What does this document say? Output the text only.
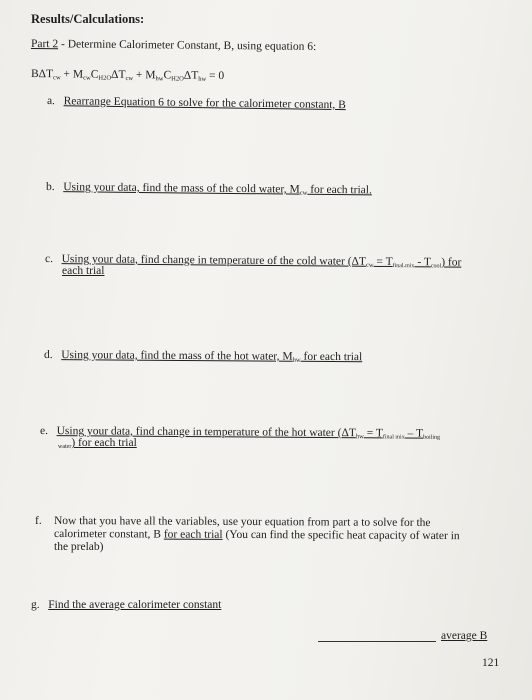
Results/Calculations:
Part 2 - Determine Calorimeter Constant, B, using equation 6:
$B\Delta T_{cw} + M_{cw}C_{H2O}\Delta T_{cw} + M_{hw}C_{H2O}\Delta T_{hw} = 0$
a. Rearrange Equation 6 to solve for the calorimeter constant, B
b. Using your data, find the mass of the cold water, $M_{cw}$ for each trial.
c. Using your data, find change in temperature of the cold water $(\Delta T_{cw} = T_{final mix} - T_{cool})$ for
each trial
d. Using your data, find the mass of the hot water, $M_{hw}$ for each trial
e. Using your data, find change in temperature of the hot water ($\Delta T_{hw} = T_{final mix} - T_{boiling}$
$_{water}$) for each trial
f. Now that you have all the variables, use your equation from part a to solve for the
calorimeter constant, B for each trial (You can find the specific heat capacity of water in
the prelab)
g. Find the average calorimeter constant
average B
121
